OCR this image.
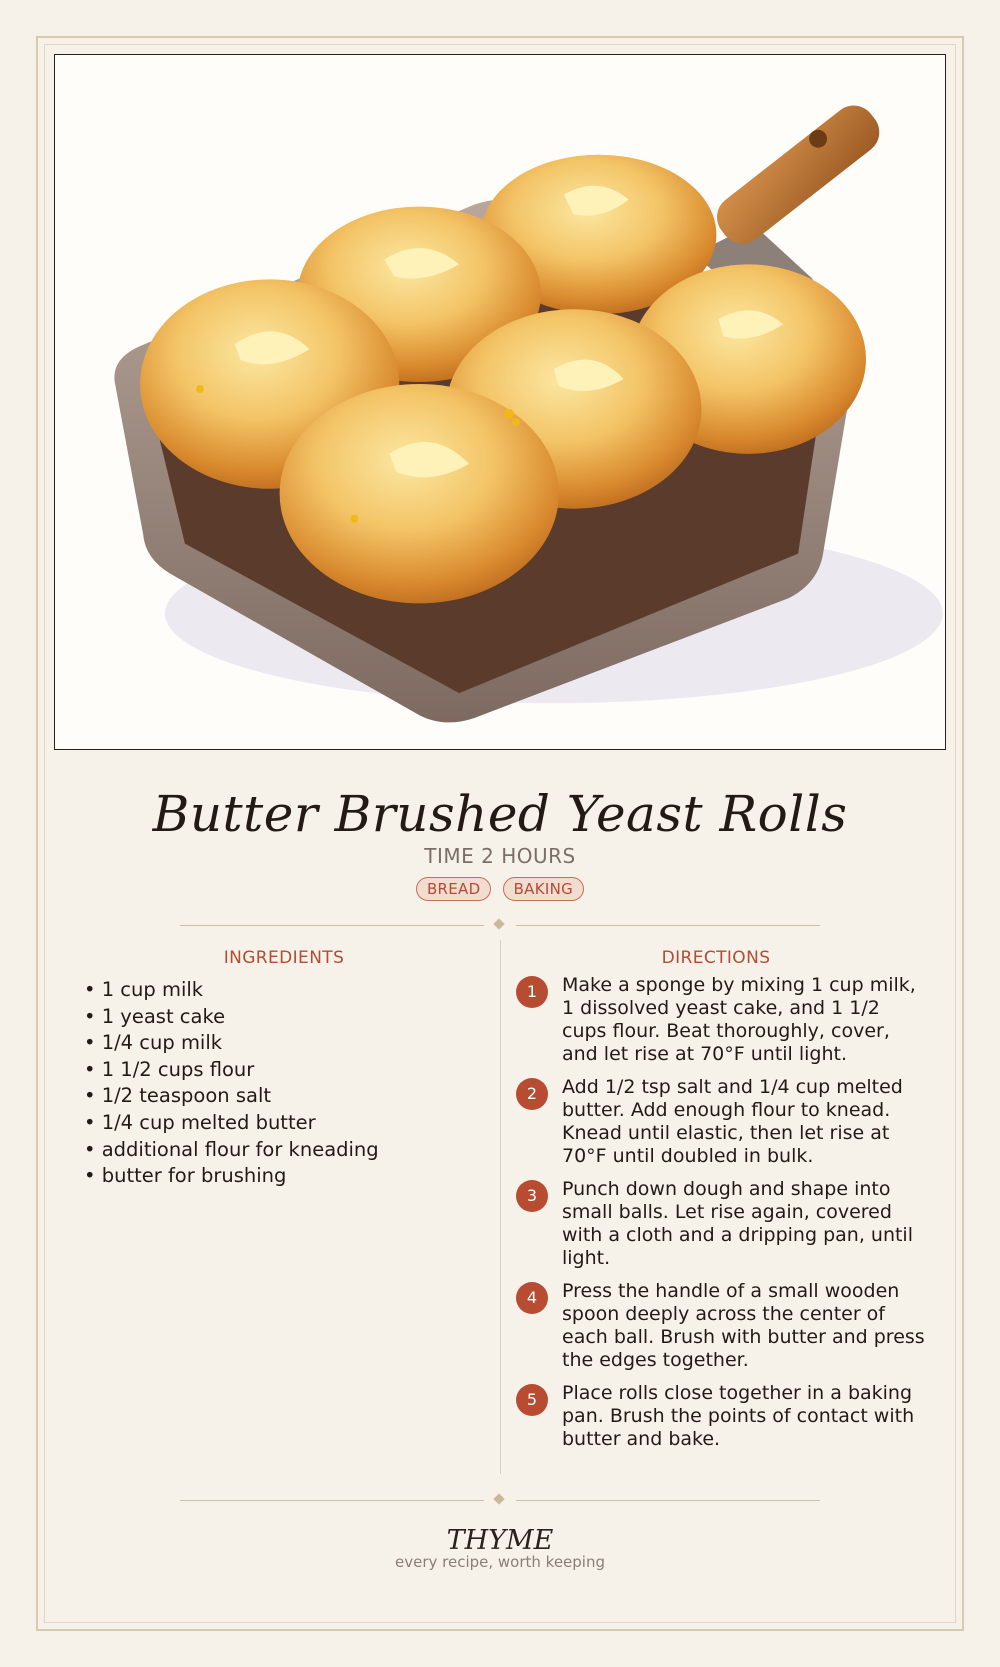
Butter Brushed Yeast Rolls
TIME 2 HOURS
BREAD BAKING
INGREDIENTS
• 1 cup milk
• 1 yeast cake
• 1/4 cup milk
• 1 1/2 cups flour
• 1/2 teaspoon salt
• 1/4 cup melted butter
• additional flour for kneading
• butter for brushing
DIRECTIONS
1	Make a sponge by mixing 1 cup milk, 1 dissolved yeast cake, and 1 1/2 cups flour. Beat thoroughly, cover, and let rise at 70°F until light.
2	Add 1/2 tsp salt and 1/4 cup melted butter. Add enough flour to knead. Knead until elastic, then let rise at 70°F until doubled in bulk.
3	Punch down dough and shape into small balls. Let rise again, covered with a cloth and a dripping pan, until light.
4	Press the handle of a small wooden spoon deeply across the center of each ball. Brush with butter and press the edges together.
5	Place rolls close together in a baking pan. Brush the points of contact with butter and bake.
THYME
every recipe, worth keeping
